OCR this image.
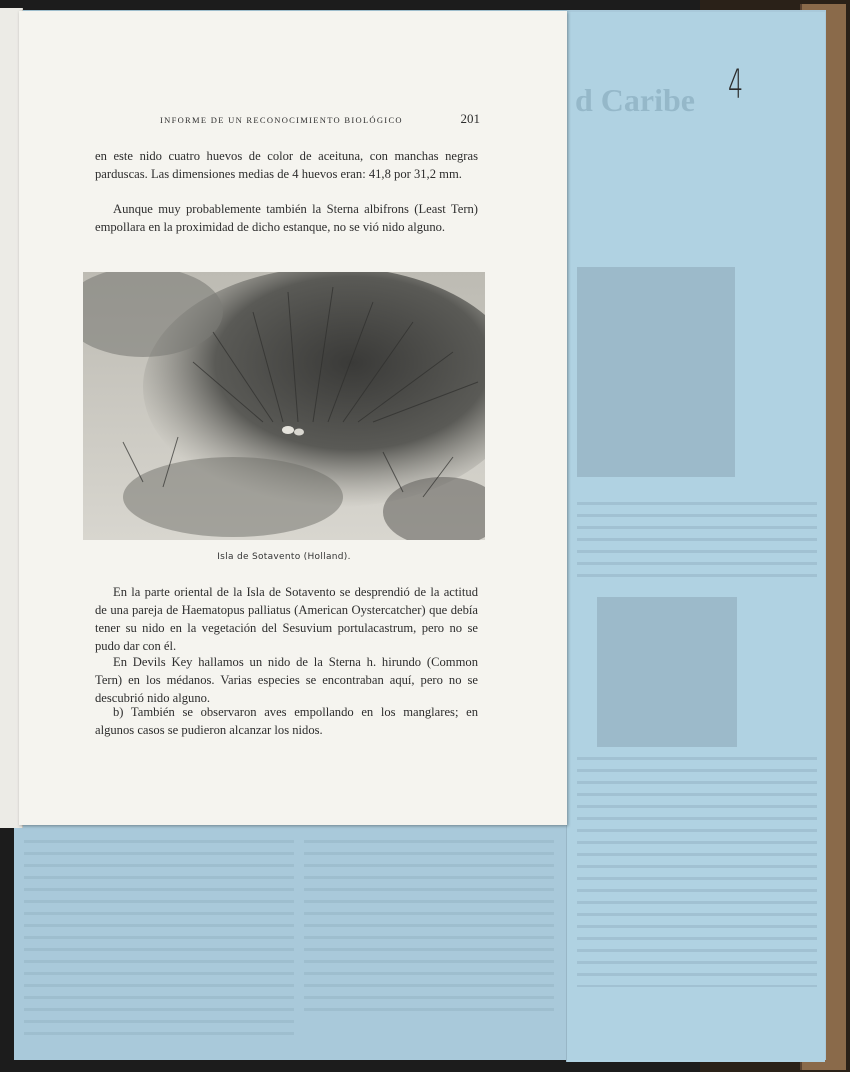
d Caribe 4
INFORME DE UN RECONOCIMIENTO BIOLÓGICO	201
en este nido cuatro huevos de color de aceituna, con manchas negras parduscas. Las dimensiones medias de 4 huevos eran: 41,8 por 31,2 mm.
Aunque muy probablemente también la Sterna albifrons (Least Tern) empollara en la proximidad de dicho estanque, no se vió nido alguno.
Isla de Sotavento (Holland).
En la parte oriental de la Isla de Sotavento se desprendió de la actitud de una pareja de Haematopus palliatus (American Oystercatcher) que debía tener su nido en la vegetación del Sesuvium portulacastrum, pero no se pudo dar con él.
En Devils Key hallamos un nido de la Sterna h. hirundo (Common Tern) en los médanos. Varias especies se encontraban aquí, pero no se descubrió nido alguno.
b) También se observaron aves empollando en los manglares; en algunos casos se pudieron alcanzar los nidos.
